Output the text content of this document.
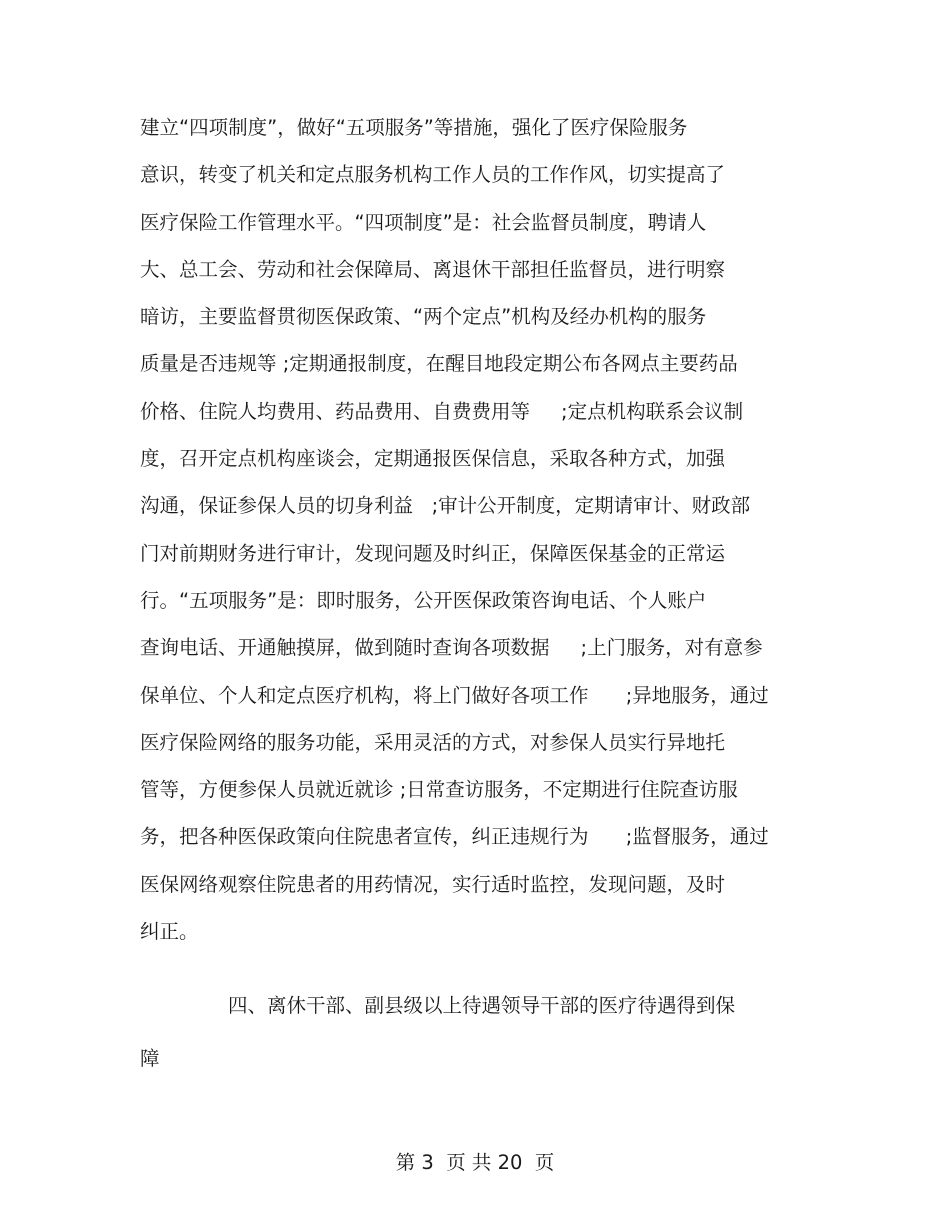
建立“四项制度”，做好“五项服务”等措施，强化了医疗保险服务
意识，转变了机关和定点服务机构工作人员的工作作风，切实提高了
医疗保险工作管理水平。“四项制度”是：社会监督员制度，聘请人
大、总工会、劳动和社会保障局、离退休干部担任监督员，进行明察
暗访，主要监督贯彻医保政策、“两个定点”机构及经办机构的服务
质量是否违规等 ;定期通报制度，在醒目地段定期公布各网点主要药品
价格、住院人均费用、药品费用、自费费用等     ;定点机构联系会议制
度，召开定点机构座谈会，定期通报医保信息，采取各种方式，加强
沟通，保证参保人员的切身利益   ;审计公开制度，定期请审计、财政部
门对前期财务进行审计，发现问题及时纠正，保障医保基金的正常运
行。“五项服务”是：即时服务，公开医保政策咨询电话、个人账户
查询电话、开通触摸屏，做到随时查询各项数据     ;上门服务，对有意参
保单位、个人和定点医疗机构，将上门做好各项工作      ;异地服务，通过
医疗保险网络的服务功能，采用灵活的方式，对参保人员实行异地托
管等，方便参保人员就近就诊 ;日常查访服务，不定期进行住院查访服
务，把各种医保政策向住院患者宣传，纠正违规行为      ;监督服务，通过
医保网络观察住院患者的用药情况，实行适时监控，发现问题，及时
纠正。
四、离休干部、副县级以上待遇领导干部的医疗待遇得到保
障
第 3  页 共 20  页
